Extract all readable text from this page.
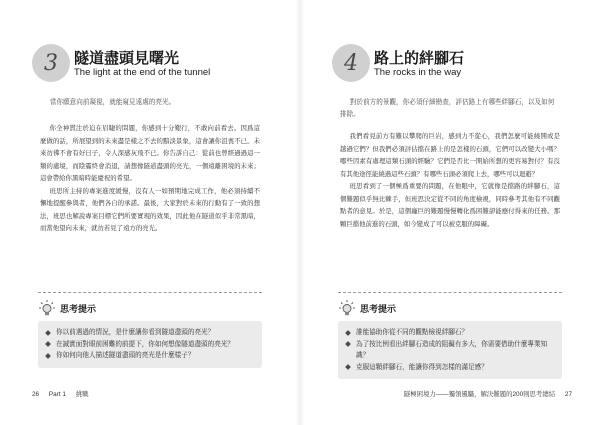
3	隧道盡頭見曙光
The light at the end of the tunnel
當你願意向前凝視，就能窺見遠處的亮光。

你全神貫注於迫在眉睫的問題，你感到十分艱行，不敢向前看去。因爲這麼做的話，所展望到的未來盡是樣之不去的黯淡景象，這會讓你沮喪不已。未來彷彿不會有好日子，令人深感灰飛不已。你告訴自己：從前也曾經過過這一類的處境，而陰霾終會消退，請想像隧道盡頭的亮光，一個遠離困境的未來；這會帶給你黑暗時能慶祝的希望。

班思所主持的專案進度緩慢，沒有人一如預期地完成工作，他必須持續不懈地提醒參與者，他們各自的承諾。最後，大家對於未來的行動有了一致的想法，班思也解說專案目標它們所要實現的效果，因此他在隧道似乎非常黑暗，而當他望向未來，就彷若見了遠方的亮光。

思考提示
你以前遇過的情況，是什麼讓你看到隧道盡頭的亮光？
在誠實面對眼前困難的前提下，你如何想像隧道盡頭的亮光？
你如何向他人描述隧道盡頭的亮光是什麼樣子？
26 Part 1 挑戰
4	路上的絆腳石
The rocks in the way
對於前方的景觀，你必須仔細勘查，評估路上有哪些絆腳石，以及如何排除。

我們看見前方有難以攀爬的巨岩，感到力不從心，我們怎麼可能繞開或是越過它們？但我們必須評估擋在路上的是怎樣的石頭，它們可以改變大小嗎？哪些因素有處理這類石頭的經驗？它們是否比一開始所想的更容易對付？有沒有其他途徑能繞過這些石頭？有哪些石頭必須爬上去，哪些可以迴避？

班思看到了一個極爲重要的問題，在他眼中，它就像是擋路的絆腳石，這個難題似乎無比棘手，但班思決定從不同的角度檢視，同時參考其他有不同觀點者的意見。於是，這個龐巨的難題慢慢轉化爲困難卻能應付得來的任務。那顆巨擋他前進的石頭，如今變成了可以被克服的障礙。

思考提示
誰能協助你從不同的觀點檢視絆腳石？
為了按比例看出絆腳石造成的阻礙有多大，你需要借助什麼專業知識？
克服這顆絆腳石，能讓你得到怎樣的滿足感？
隧極困境力——獨領風騷，解決難題的200則思考總結 27
